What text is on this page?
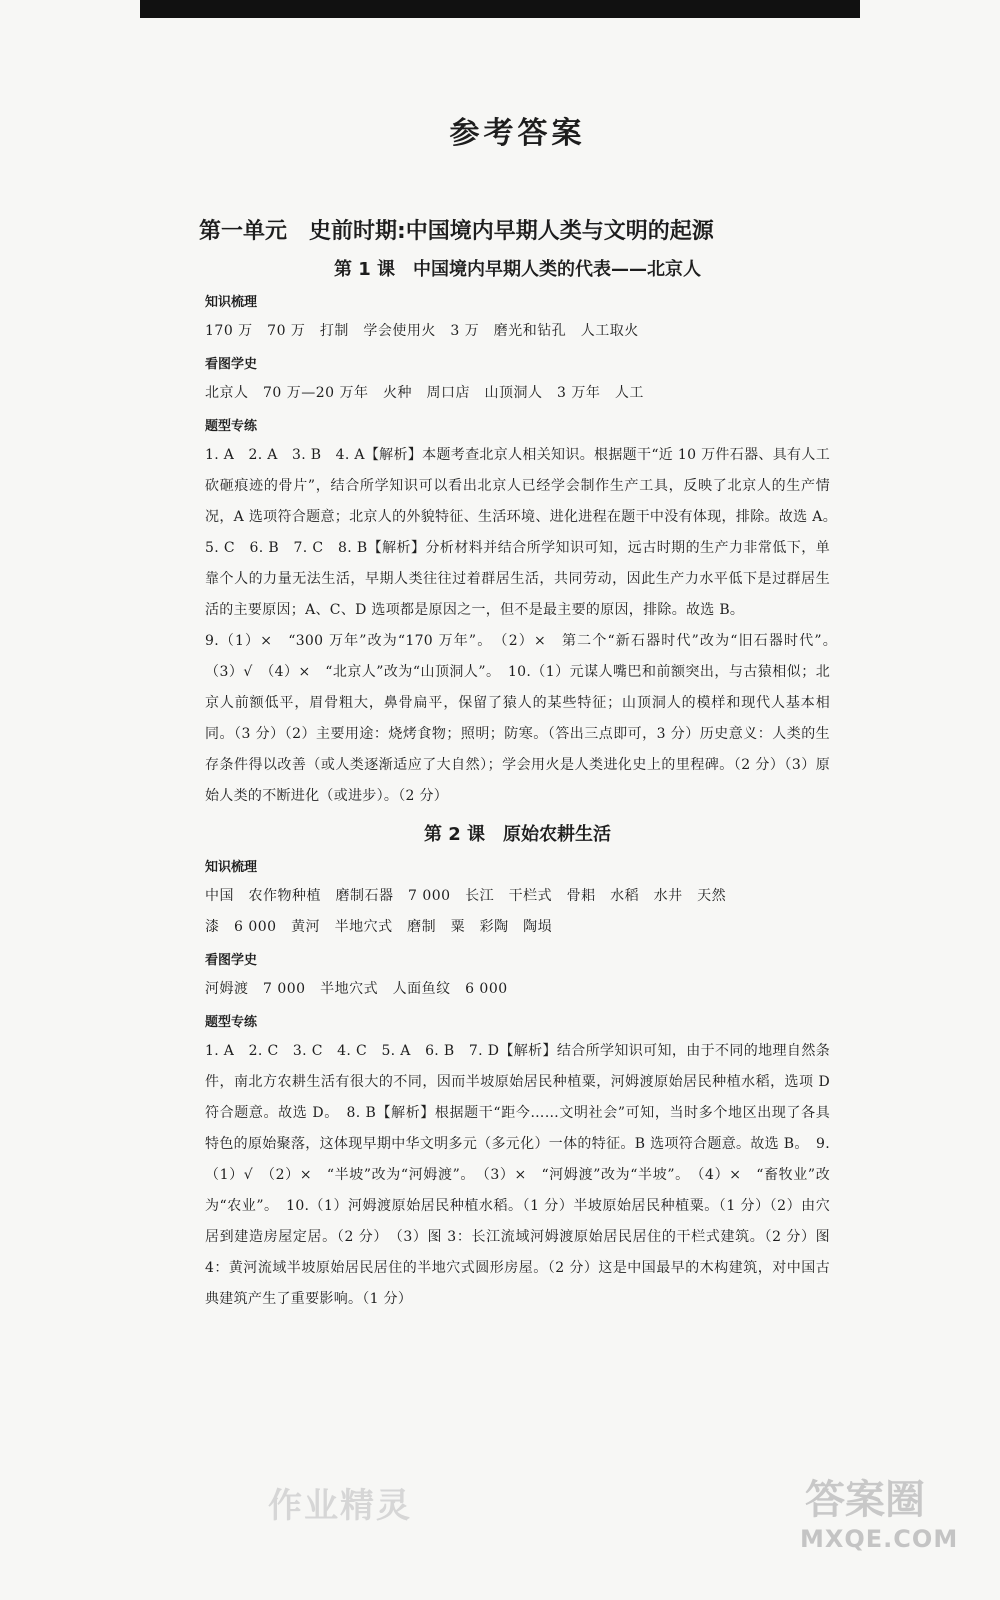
参考答案
第一单元　史前时期:中国境内早期人类与文明的起源
第 1 课　中国境内早期人类的代表——北京人
知识梳理
170 万　70 万　打制　学会使用火　3 万　磨光和钻孔　人工取火
看图学史
北京人　70 万—20 万年　火种　周口店　山顶洞人　3 万年　人工
题型专练

1. A　2. A　3. B　4. A【解析】本题考查北京人相关知识。根据题干“近 10 万件石器、具有人工砍砸痕迹的骨片”，结合所学知识可以看出北京人已经学会制作生产工具，反映了北京人的生产情况，A 选项符合题意；北京人的外貌特征、生活环境、进化进程在题干中没有体现，排除。故选 A。　5. C　6. B　7. C　8. B【解析】分析材料并结合所学知识可知，远古时期的生产力非常低下，单靠个人的力量无法生活，早期人类往往过着群居生活，共同劳动，因此生产力水平低下是过群居生活的主要原因；A、C、D 选项都是原因之一，但不是最主要的原因，排除。故选 B。

9.（1）×　“300 万年”改为“170 万年”。　（2）×　第二个“新石器时代”改为“旧石器时代”。　（3）√　（4）×　“北京人”改为“山顶洞人”。　10.（1）元谋人嘴巴和前额突出，与古猿相似；北京人前额低平，眉骨粗大，鼻骨扁平，保留了猿人的某些特征；山顶洞人的模样和现代人基本相同。（3 分）（2）主要用途：烧烤食物；照明；防寒。（答出三点即可，3 分）历史意义：人类的生存条件得以改善（或人类逐渐适应了大自然）；学会用火是人类进化史上的里程碑。（2 分）（3）原始人类的不断进化（或进步）。（2 分）

第 2 课　原始农耕生活
知识梳理
中国　农作物种植　磨制石器　7 000　长江　干栏式　骨耜　水稻　水井　天然
漆　6 000　黄河　半地穴式　磨制　粟　彩陶　陶埙
看图学史
河姆渡　7 000　半地穴式　人面鱼纹　6 000
题型专练

1. A　2. C　3. C　4. C　5. A　6. B　7. D【解析】结合所学知识可知，由于不同的地理自然条件，南北方农耕生活有很大的不同，因而半坡原始居民种植粟，河姆渡原始居民种植水稻，选项 D 符合题意。故选 D。　8. B【解析】根据题干“距今……文明社会”可知，当时多个地区出现了各具特色的原始聚落，这体现早期中华文明多元（多元化）一体的特征。B 选项符合题意。故选 B。　9.（1）√　（2）×　“半坡”改为“河姆渡”。　（3）×　“河姆渡”改为“半坡”。　（4）×　“畜牧业”改为“农业”。　10.（1）河姆渡原始居民种植水稻。（1 分）半坡原始居民种植粟。（1 分）（2）由穴居到建造房屋定居。（2 分）　（3）图 3：长江流域河姆渡原始居民居住的干栏式建筑。（2 分）图 4：黄河流域半坡原始居民居住的半地穴式圆形房屋。（2 分）这是中国最早的木构建筑，对中国古典建筑产生了重要影响。（1 分）

作业精灵	答案圈
MXQE.COM
